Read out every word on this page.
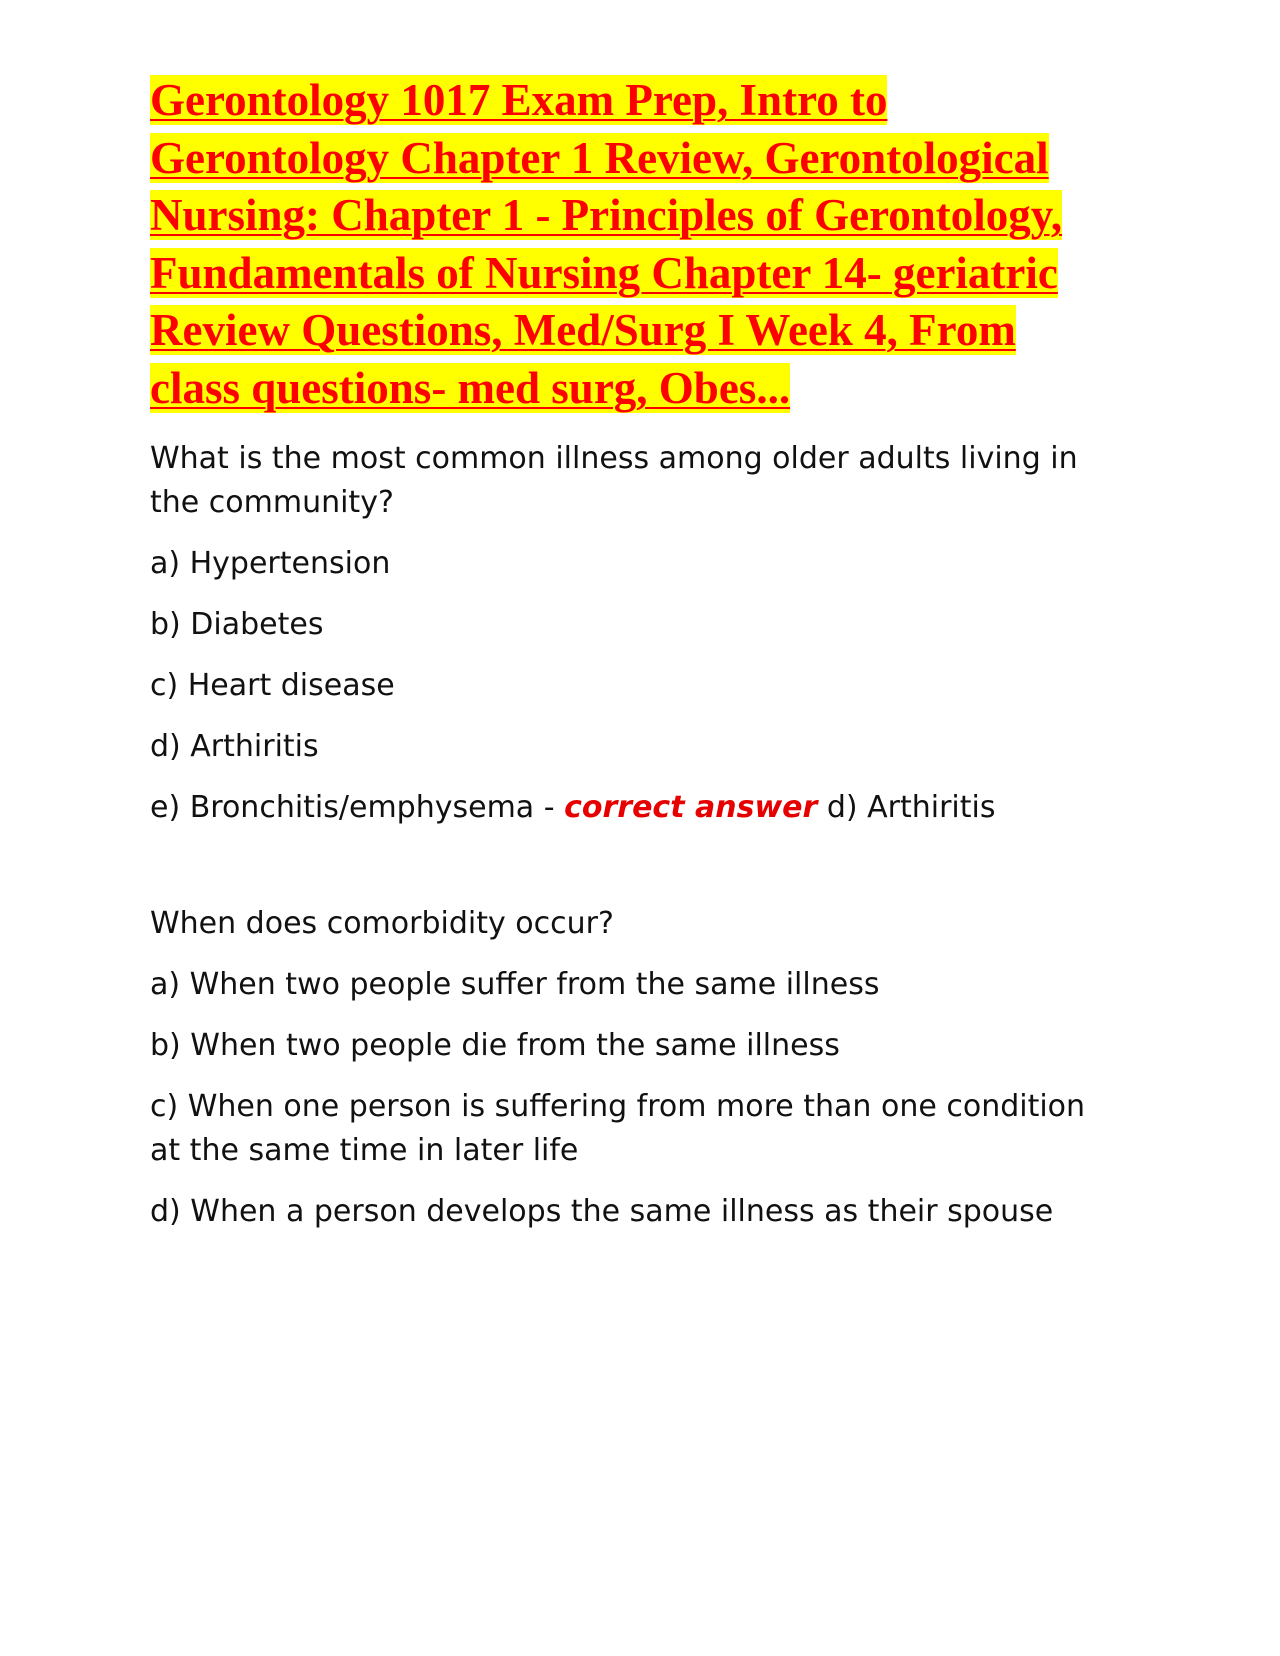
Gerontology 1017 Exam Prep, Intro to Gerontology Chapter 1 Review, Gerontological Nursing: Chapter 1 - Principles of Gerontology, Fundamentals of Nursing Chapter 14- geriatric Review Questions, Med/Surg I Week 4, From class questions- med surg, Obes...

What is the most common illness among older adults living in the community?

a) Hypertension

b) Diabetes

c) Heart disease

d) Arthiritis

e) Bronchitis/emphysema - correct answer d) Arthiritis

When does comorbidity occur?

a) When two people suffer from the same illness

b) When two people die from the same illness

c) When one person is suffering from more than one condition at the same time in later life

d) When a person develops the same illness as their spouse
